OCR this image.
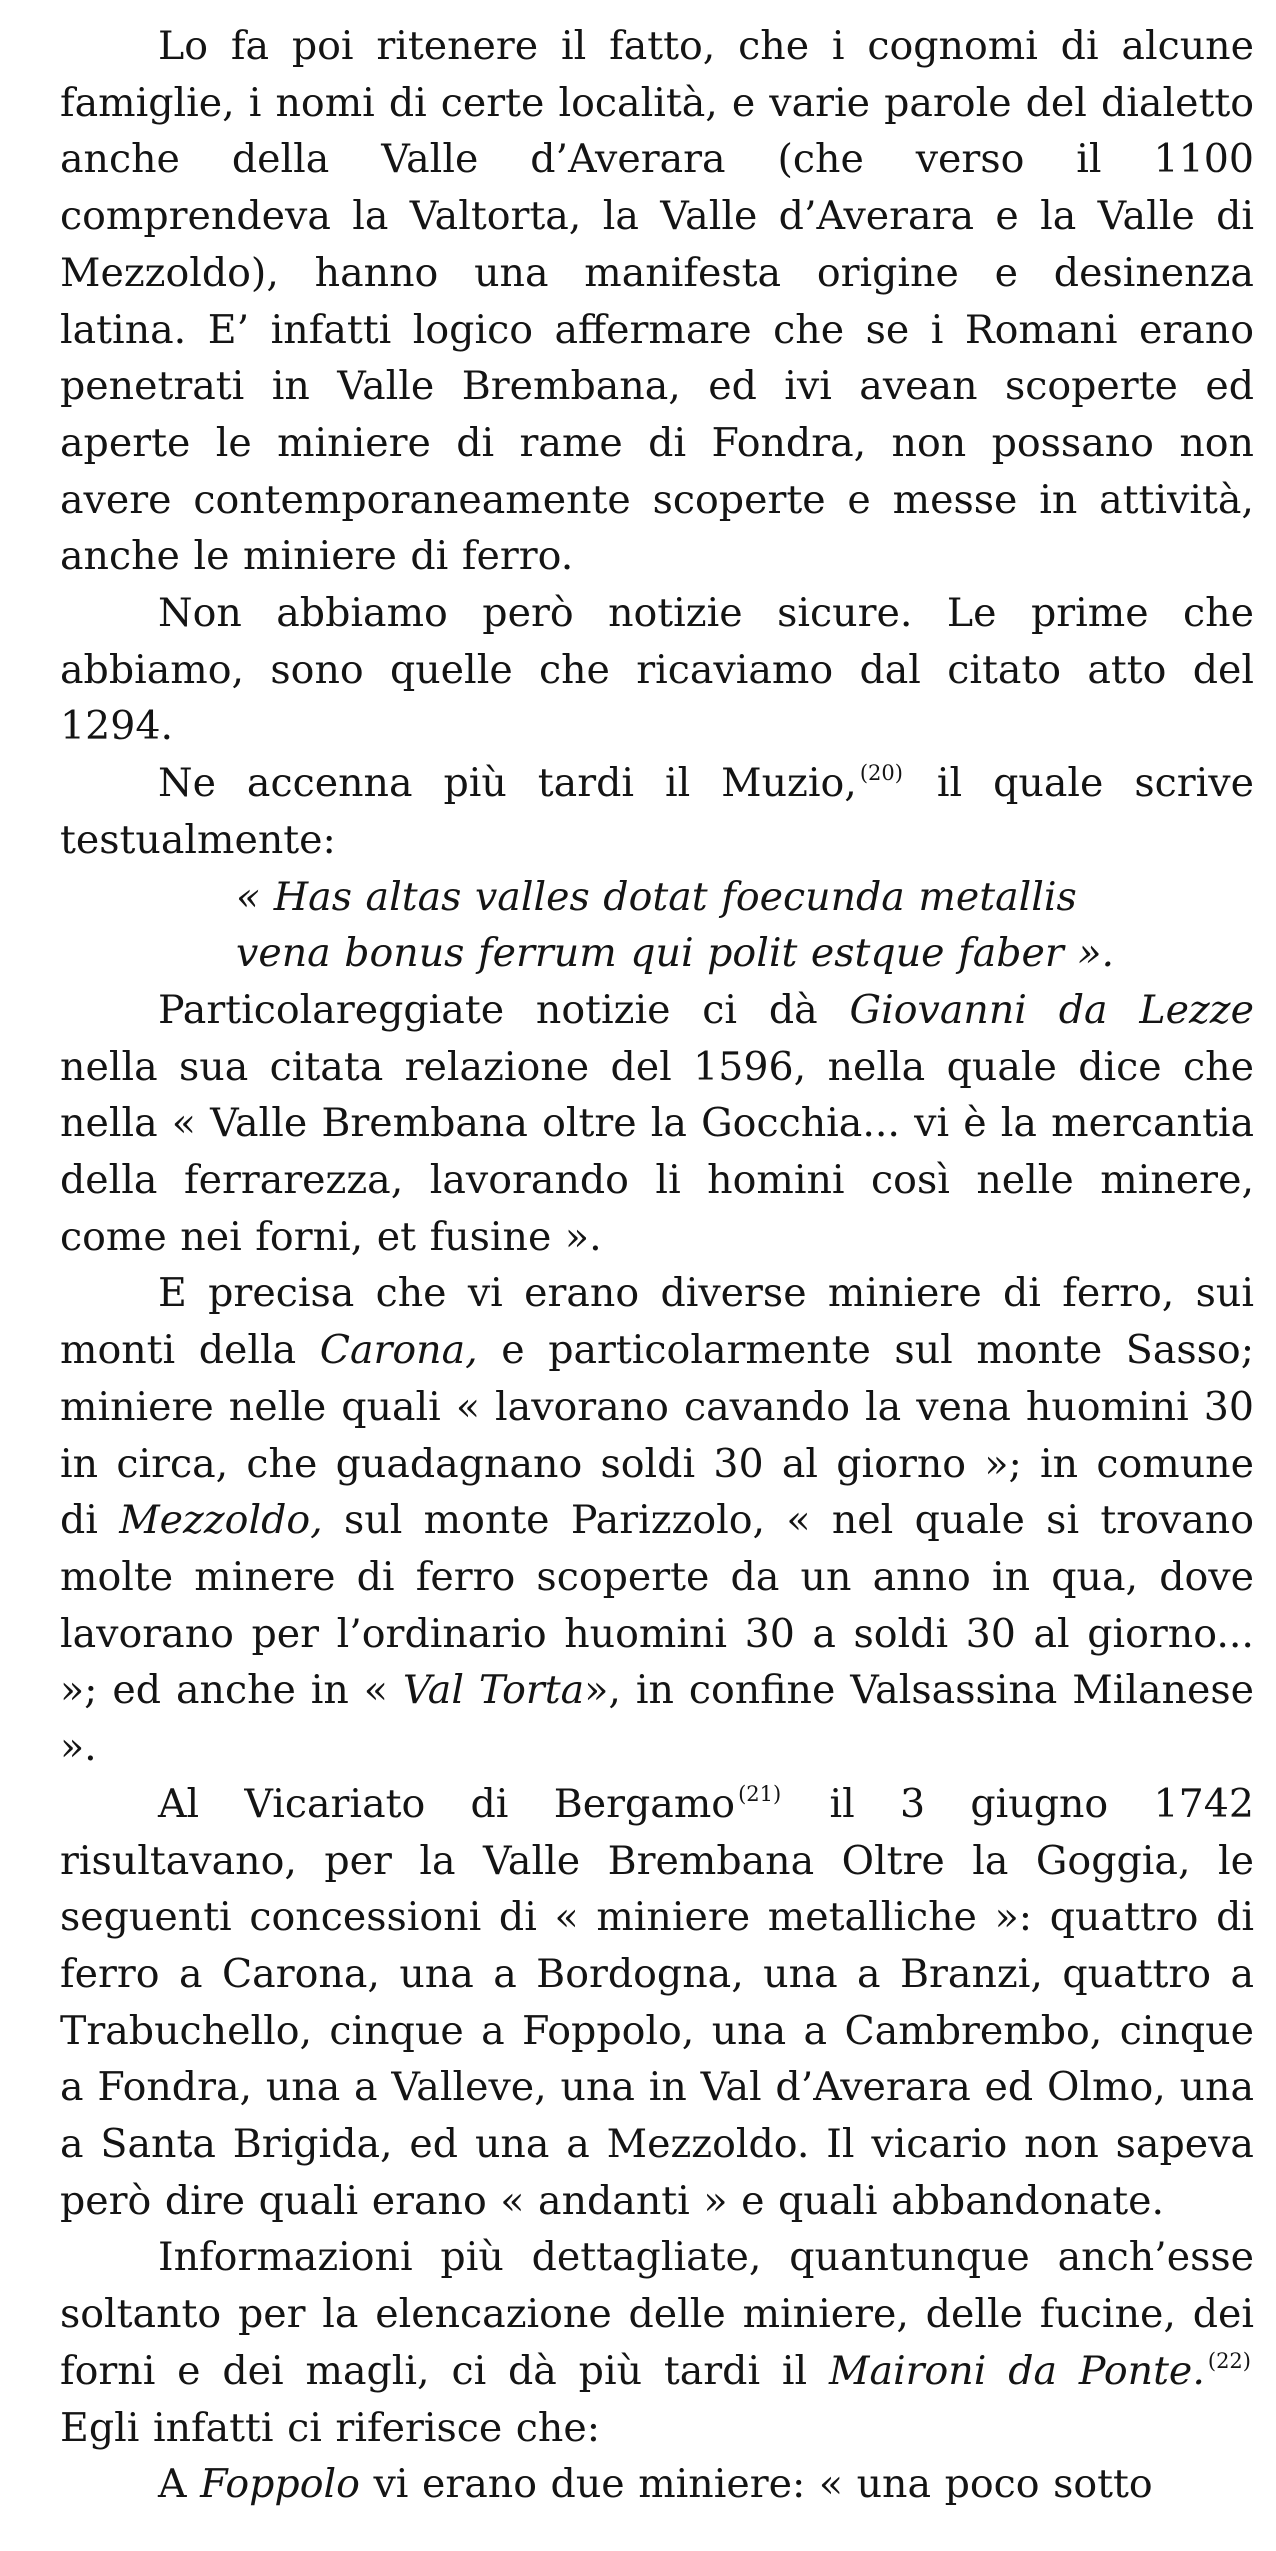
Lo fa poi ritenere il fatto, che i cognomi di alcune famiglie, i nomi di certe località, e varie parole del dialetto anche della Valle d’Averara (che verso il 1100 comprendeva la Valtorta, la Valle d’Averara e la Valle di Mezzoldo), hanno una manifesta origine e desinenza latina. E’ infatti logico affermare che se i Romani erano penetrati in Valle Brembana, ed ivi avean scoperte ed aperte le miniere di rame di Fondra, non possano non avere contemporaneamente scoperte e messe in attività, anche le miniere di ferro.

Non abbiamo però notizie sicure. Le prime che abbiamo, sono quelle che ricaviamo dal citato atto del 1294.

Ne accenna più tardi il Muzio, $^{(20)}$ il quale scrive testualmente:

« Has altas valles dotat foecunda metallis
vena bonus ferrum qui polit estque faber ».

Particolareggiate notizie ci dà Giovanni da Lezze nella sua citata relazione del 1596, nella quale dice che nella « Valle Brembana oltre la Gocchia... vi è la mercantia della ferrarezza, lavorando li homini così nelle minere, come nei forni, et fusine ».

E precisa che vi erano diverse miniere di ferro, sui monti della Carona, e particolarmente sul monte Sasso; miniere nelle quali « lavorano cavando la vena huomini 30 in circa, che guadagnano soldi 30 al giorno »; in comune di Mezzoldo, sul monte Parizzolo, « nel quale si trovano molte minere di ferro scoperte da un anno in qua, dove lavorano per l’ordinario huomini 30 a soldi 30 al giorno... »; ed anche in « Val Torta», in confine Valsassina Milanese ».

Al Vicariato di Bergamo $^{(21)}$ il 3 giugno 1742 risultavano, per la Valle Brembana Oltre la Goggia, le seguenti concessioni di « miniere metalliche »: quattro di ferro a Carona, una a Bordogna, una a Branzi, quattro a Trabuchello, cinque a Foppolo, una a Cambrembo, cinque a Fondra, una a Valleve, una in Val d’Averara ed Olmo, una a Santa Brigida, ed una a Mezzoldo. Il vicario non sapeva però dire quali erano « andanti » e quali abbandonate.

Informazioni più dettagliate, quantunque anch’esse soltanto per la elencazione delle miniere, delle fucine, dei forni e dei magli, ci dà più tardi il Maironi da Ponte. $^{(22)}$ Egli infatti ci riferisce che:

A Foppolo vi erano due miniere: « una poco sotto
